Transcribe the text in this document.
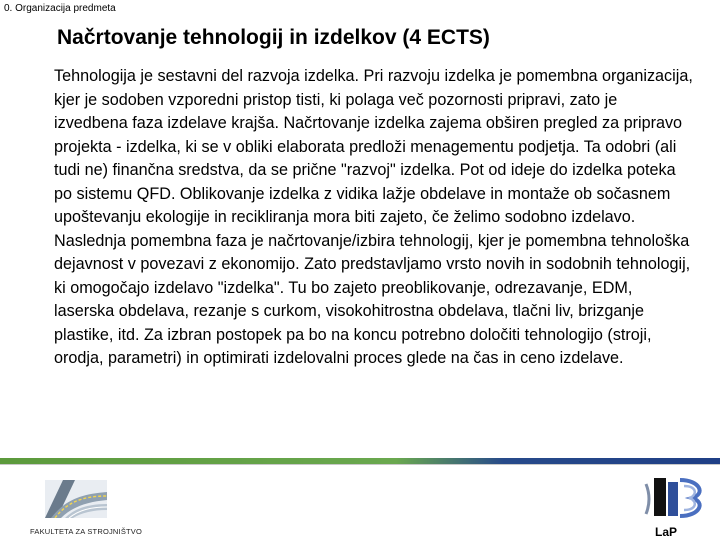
0. Organizacija predmeta
Načrtovanje tehnologij in izdelkov (4 ECTS)
Tehnologija je sestavni del razvoja izdelka. Pri razvoju izdelka je pomembna organizacija, kjer je sodoben vzporedni pristop tisti, ki polaga več pozornosti pripravi, zato je izvedbena faza izdelave krajša. Načrtovanje izdelka zajema obširen pregled za pripravo projekta - izdelka, ki se v obliki elaborata predloži menagementu podjetja. Ta odobri (ali tudi ne) finančna sredstva, da se prične "razvoj" izdelka. Pot od ideje do izdelka poteka po sistemu QFD. Oblikovanje izdelka z vidika lažje obdelave in montaže ob sočasnem upoštevanju ekologije in recikliranja mora biti zajeto, če želimo sodobno izdelavo. Naslednja pomembna faza je načrtovanje/izbira tehnologij, kjer je pomembna tehnološka dejavnost v povezavi z ekonomijo. Zato predstavljamo vrsto novih in sodobnih tehnologij, ki omogočajo izdelavo "izdelka". Tu bo zajeto preoblikovanje, odrezavanje, EDM, laserska obdelava, rezanje s curkom, visokohitrostna obdelava, tlačni liv, brizganje plastike, itd. Za izbran postopek pa bo na koncu potrebno določiti tehnologijo (stroji, orodja, parametri) in optimirati izdelovalni proces glede na čas in ceno izdelave.
FAKULTETA ZA STROJNIŠTVO	LaP
